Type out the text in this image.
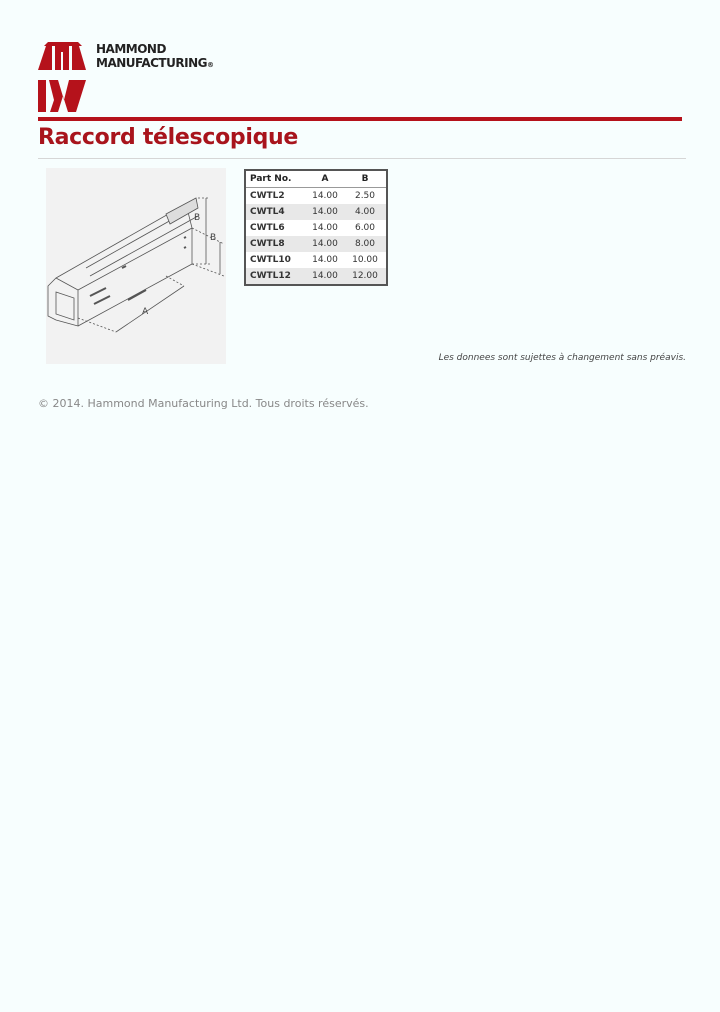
HAMMOND
MANUFACTURING®
Raccord télescopique
A
B
B
Part No.	A	B
CWTL2	14.00	2.50
CWTL4	14.00	4.00
CWTL6	14.00	6.00
CWTL8	14.00	8.00
CWTL10	14.00	10.00
CWTL12	14.00	12.00
Les donnees sont sujettes à changement sans préavis.
© 2014. Hammond Manufacturing Ltd. Tous droits réservés.
